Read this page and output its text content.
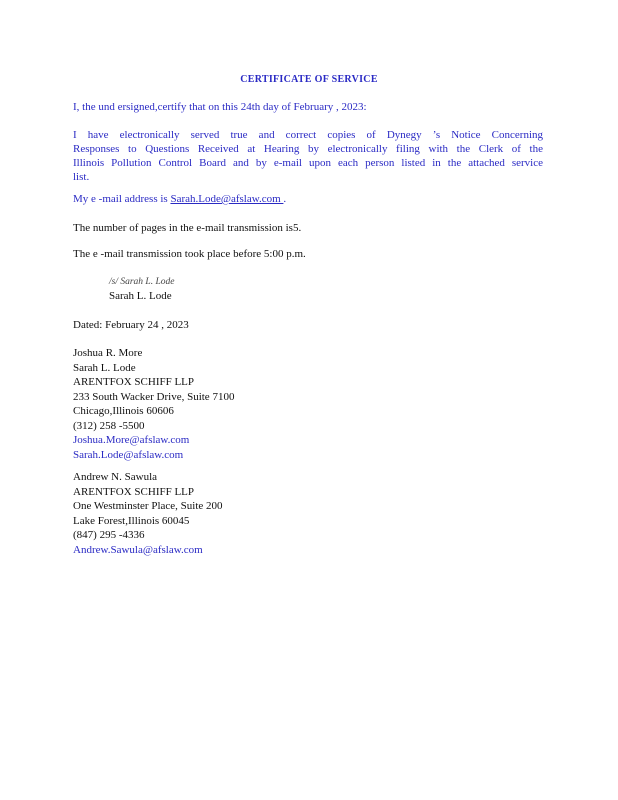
CERTIFICATE OF SERVICE
I, the und ersigned,certify that on this 24th day of February , 2023:
I have electronically served true and correct copies of Dynegy ’s Notice Concerning Responses to Questions Received at Hearing by electronically filing with the Clerk of the Illinois Pollution Control Board and by e-mail upon each person listed in the attached service list.
My e -mail address is Sarah.Lode@afslaw.com .
The number of pages in the e-mail transmission is5.
The e -mail transmission took place before 5:00 p.m.
/s/ Sarah L. Lode
Sarah L. Lode
Dated: February 24 , 2023
Joshua R. More
Sarah L. Lode
ARENTFOX SCHIFF LLP
233 South Wacker Drive, Suite 7100
Chicago,Illinois 60606
(312) 258 -5500
Joshua.More@afslaw.com
Sarah.Lode@afslaw.com
Andrew N. Sawula
ARENTFOX SCHIFF LLP
One Westminster Place, Suite 200
Lake Forest,Illinois 60045
(847) 295 -4336
Andrew.Sawula@afslaw.com
